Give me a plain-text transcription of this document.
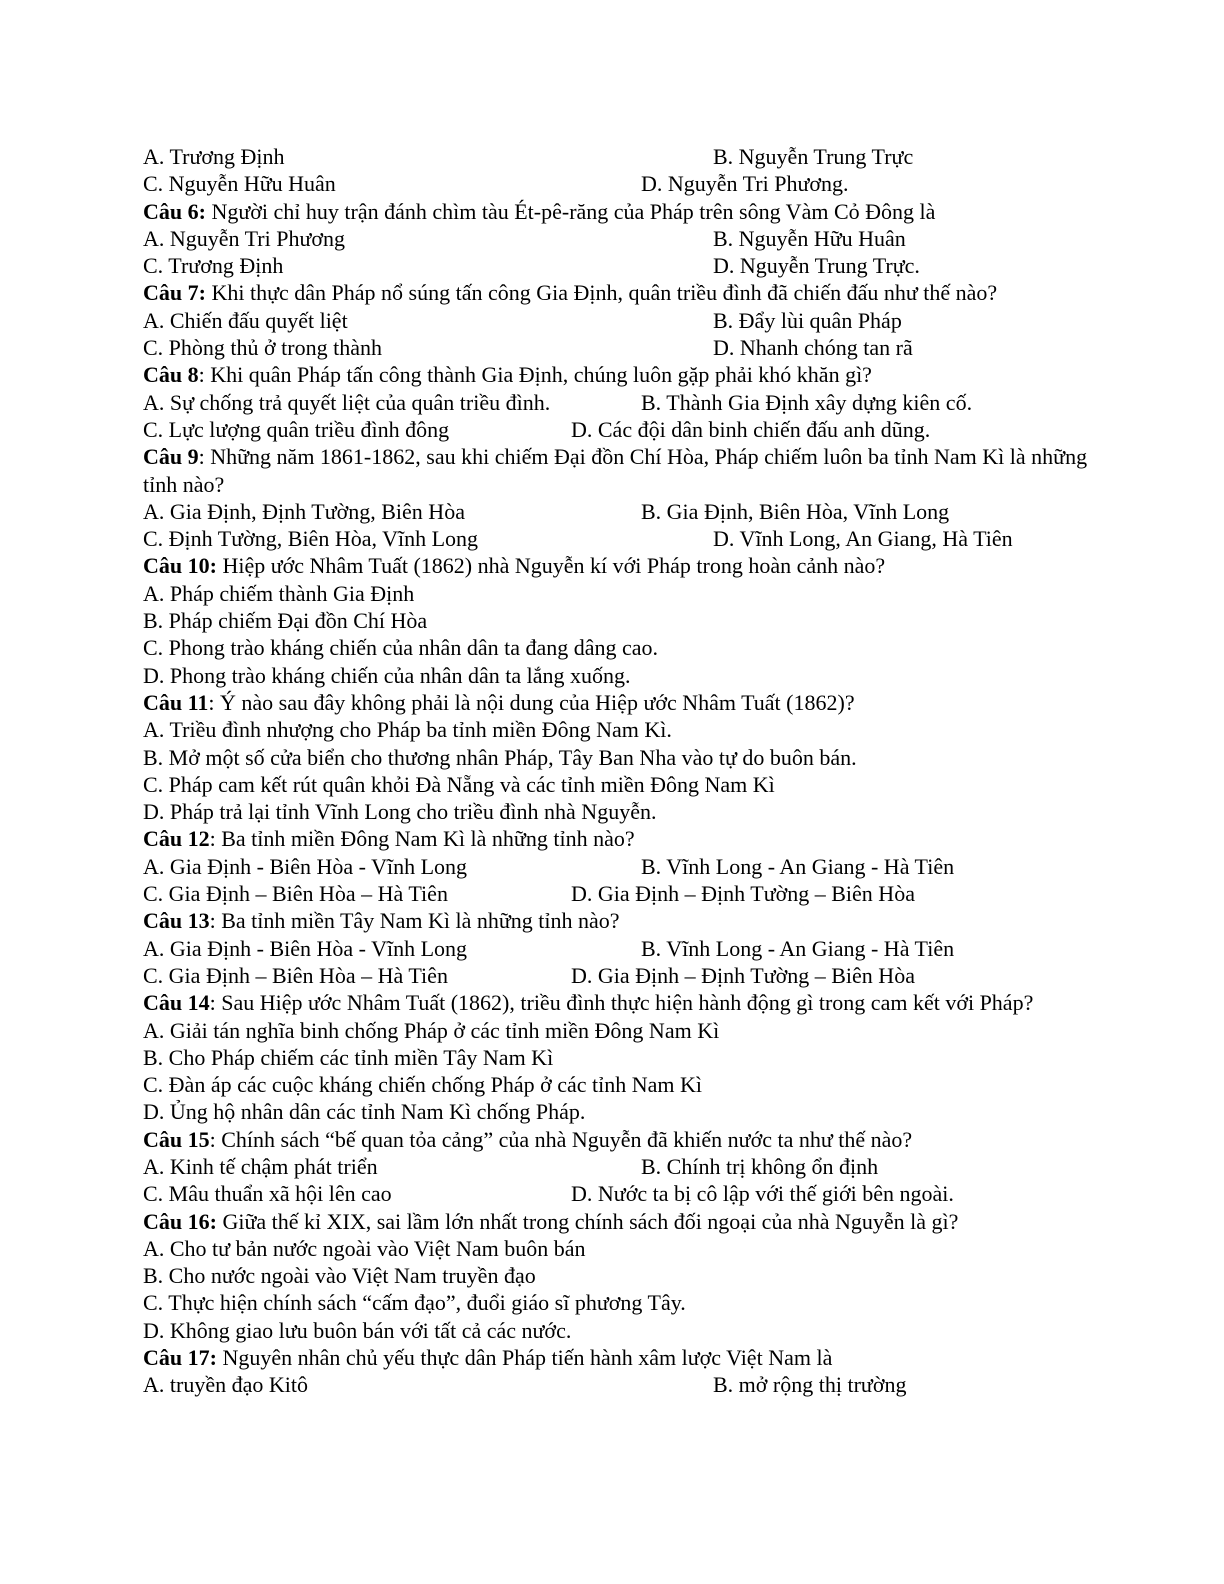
A. Trương Định	B. Nguyễn Trung Trực
C. Nguyễn Hữu Huân	D. Nguyễn Tri Phương.
Câu 6: Người chỉ huy trận đánh chìm tàu Ét-pê-răng của Pháp trên sông Vàm Cỏ Đông là
A. Nguyễn Tri Phương	B. Nguyễn Hữu Huân
C. Trương Định	D. Nguyễn Trung Trực.
Câu 7: Khi thực dân Pháp nổ súng tấn công Gia Định, quân triều đình đã chiến đấu như thế nào?
A. Chiến đấu quyết liệt	B. Đẩy lùi quân Pháp
C. Phòng thủ ở trong thành	D. Nhanh chóng tan rã
Câu 8: Khi quân Pháp tấn công thành Gia Định, chúng luôn gặp phải khó khăn gì?
A. Sự chống trả quyết liệt của quân triều đình.	B. Thành Gia Định xây dựng kiên cố.
C. Lực lượng quân triều đình đông	D. Các đội dân binh chiến đấu anh dũng.
Câu 9: Những năm 1861-1862, sau khi chiếm Đại đồn Chí Hòa, Pháp chiếm luôn ba tỉnh Nam Kì là những tỉnh nào?
A. Gia Định, Định Tường, Biên Hòa	B. Gia Định, Biên Hòa, Vĩnh Long
C. Định Tường, Biên Hòa, Vĩnh Long	D. Vĩnh Long, An Giang, Hà Tiên
Câu 10: Hiệp ước Nhâm Tuất (1862) nhà Nguyễn kí với Pháp trong hoàn cảnh nào?
A. Pháp chiếm thành Gia Định
B. Pháp chiếm Đại đồn Chí Hòa
C. Phong trào kháng chiến của nhân dân ta đang dâng cao.
D. Phong trào kháng chiến của nhân dân ta lắng xuống.
Câu 11: Ý nào sau đây không phải là nội dung của Hiệp ước Nhâm Tuất (1862)?
A. Triều đình nhượng cho Pháp ba tỉnh miền Đông Nam Kì.
B. Mở một số cửa biển cho thương nhân Pháp, Tây Ban Nha vào tự do buôn bán.
C. Pháp cam kết rút quân khỏi Đà Nẵng và các tỉnh miền Đông Nam Kì
D. Pháp trả lại tỉnh Vĩnh Long cho triều đình nhà Nguyễn.
Câu 12: Ba tỉnh miền Đông Nam Kì là những tỉnh nào?
A. Gia Định - Biên Hòa - Vĩnh Long	B. Vĩnh Long - An Giang - Hà Tiên
C. Gia Định – Biên Hòa – Hà Tiên	D. Gia Định – Định Tường – Biên Hòa
Câu 13: Ba tỉnh miền Tây Nam Kì là những tỉnh nào?
A. Gia Định - Biên Hòa - Vĩnh Long	B. Vĩnh Long - An Giang - Hà Tiên
C. Gia Định – Biên Hòa – Hà Tiên	D. Gia Định – Định Tường – Biên Hòa
Câu 14: Sau Hiệp ước Nhâm Tuất (1862), triều đình thực hiện hành động gì trong cam kết với Pháp?
A. Giải tán nghĩa binh chống Pháp ở các tỉnh miền Đông Nam Kì
B. Cho Pháp chiếm các tỉnh miền Tây Nam Kì
C. Đàn áp các cuộc kháng chiến chống Pháp ở các tỉnh Nam Kì
D. Ủng hộ nhân dân các tỉnh Nam Kì chống Pháp.
Câu 15: Chính sách “bế quan tỏa cảng” của nhà Nguyễn đã khiến nước ta như thế nào?
A. Kinh tế chậm phát triển	B. Chính trị không ổn định
C. Mâu thuẩn xã hội lên cao	D. Nước ta bị cô lập với thế giới bên ngoài.
Câu 16: Giữa thế kỉ XIX, sai lầm lớn nhất trong chính sách đối ngoại của nhà Nguyễn là gì?
A. Cho tư bản nước ngoài vào Việt Nam buôn bán
B. Cho nước ngoài vào Việt Nam truyền đạo
C. Thực hiện chính sách “cấm đạo”, đuổi giáo sĩ phương Tây.
D. Không giao lưu buôn bán với tất cả các nước.
Câu 17: Nguyên nhân chủ yếu thực dân Pháp tiến hành xâm lược Việt Nam là
A. truyền đạo Kitô	B. mở rộng thị trường
